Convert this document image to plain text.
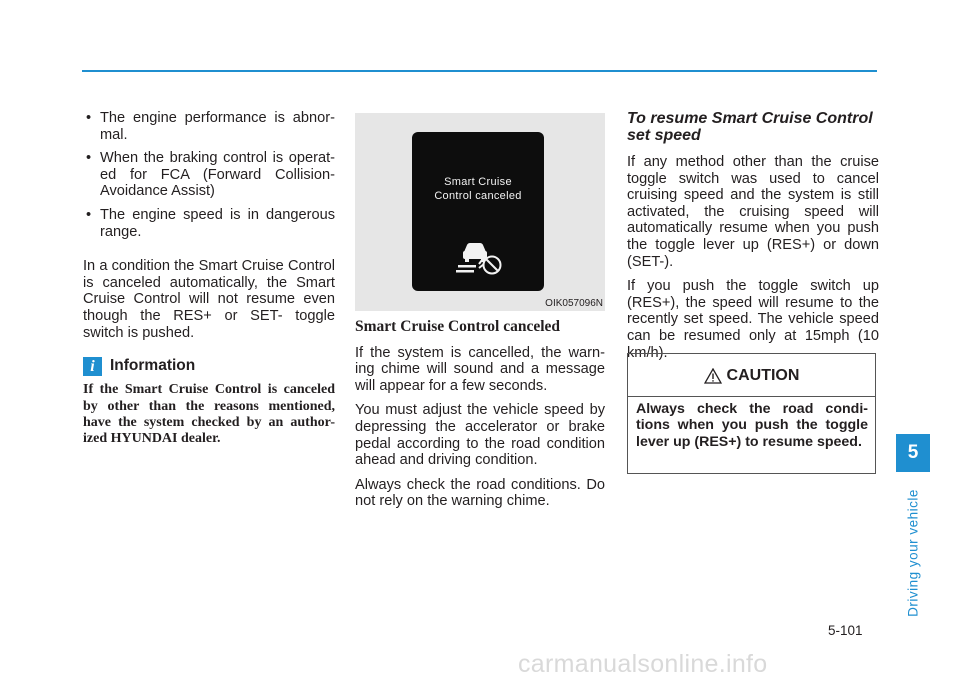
• The engine performance is abnor-mal.
• When the braking control is operat-ed for FCA (Forward Collision-Avoidance Assist)
• The engine speed is in dangerous range.

In a condition the Smart Cruise Control is canceled automatically, the Smart Cruise Control will not resume even though the RES+ or SET- toggle switch is pushed.

i Information
If the Smart Cruise Control is canceled by other than the reasons mentioned, have the system checked by an author-ized HYUNDAI dealer.
Smart Cruise
Control canceled
OIK057096N
Smart Cruise Control canceled

If the system is cancelled, the warn-ing chime will sound and a message will appear for a few seconds.

You must adjust the vehicle speed by depressing the accelerator or brake pedal according to the road condition ahead and driving condition.

Always check the road conditions. Do not rely on the warning chime.

To resume Smart Cruise Control set speed

If any method other than the cruise toggle switch was used to cancel cruising speed and the system is still activated, the cruising speed will automatically resume when you push the toggle lever up (RES+) or down (SET-).

If you push the toggle switch up (RES+), the speed will resume to the recently set speed. The vehicle speed can be resumed only at 15mph (10 km/h).

CAUTION
Always check the road condi-tions when you push the toggle lever up (RES+) to resume speed.
5
Driving your vehicle
5-101
carmanualsonline.info
